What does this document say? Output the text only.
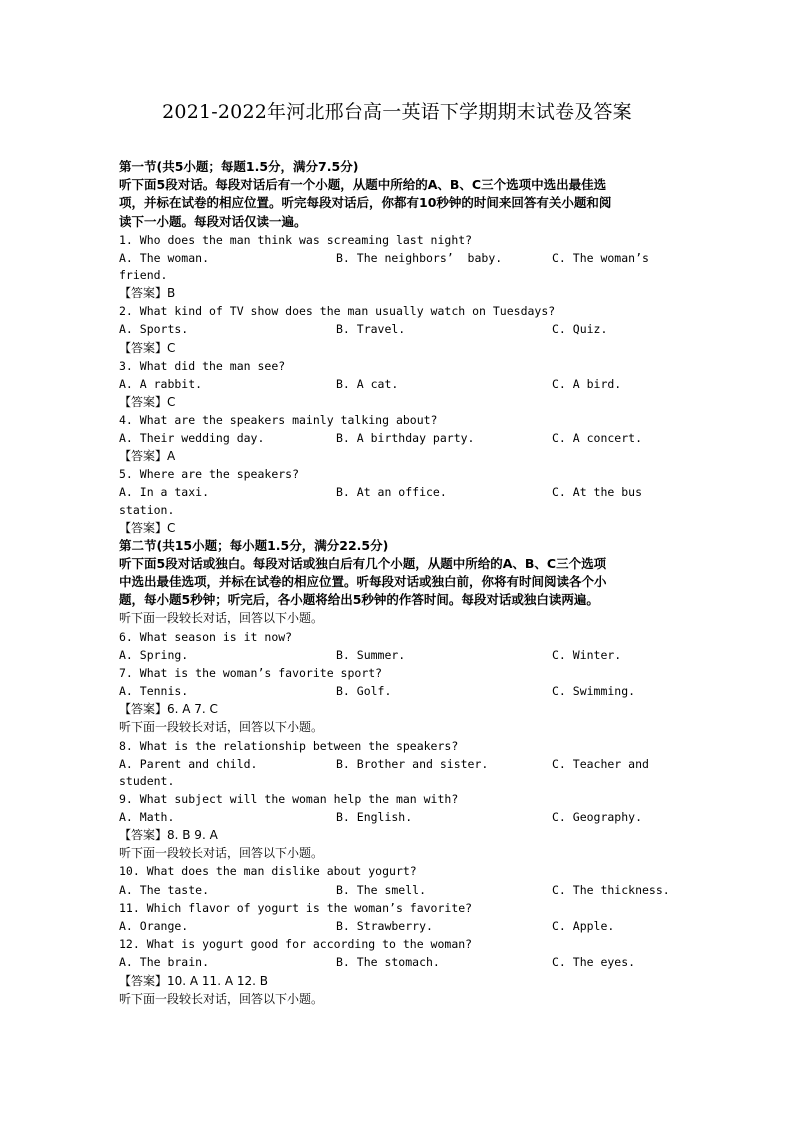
2021-2022年河北邢台高一英语下学期期末试卷及答案
第一节(共5小题；每题1.5分，满分7.5分)
听下面5段对话。每段对话后有一个小题，从题中所给的A、B、C三个选项中选出最佳选
项，并标在试卷的相应位置。听完每段对话后，你都有10秒钟的时间来回答有关小题和阅
读下一小题。每段对话仅读一遍。
1. Who does the man think was screaming last night?
A. The woman.	B. The neighbors’  baby.	C. The woman’s
friend.
【答案】B
2. What kind of TV show does the man usually watch on Tuesdays?
A. Sports.	B. Travel.	C. Quiz.
【答案】C
3. What did the man see?
A. A rabbit.	B. A cat.	C. A bird.
【答案】C
4. What are the speakers mainly talking about?
A. Their wedding day.	B. A birthday party.	C. A concert.
【答案】A
5. Where are the speakers?
A. In a taxi.	B. At an office.	C. At the bus
station.
【答案】C
第二节(共15小题；每小题1.5分，满分22.5分)
听下面5段对话或独白。每段对话或独白后有几个小题，从题中所给的A、B、C三个选项
中选出最佳选项，并标在试卷的相应位置。听每段对话或独白前，你将有时间阅读各个小
题，每小题5秒钟；听完后，各小题将给出5秒钟的作答时间。每段对话或独白读两遍。
听下面一段较长对话，回答以下小题。
6. What season is it now?
A. Spring.	B. Summer.	C. Winter.
7. What is the woman’s favorite sport?
A. Tennis.	B. Golf.	C. Swimming.
【答案】6. A 7. C
听下面一段较长对话，回答以下小题。
8. What is the relationship between the speakers?
A. Parent and child.	B. Brother and sister.	C. Teacher and
student.
9. What subject will the woman help the man with?
A. Math.	B. English.	C. Geography.
【答案】8. B 9. A
听下面一段较长对话，回答以下小题。
10. What does the man dislike about yogurt?
A. The taste.	B. The smell.	C. The thickness.
11. Which flavor of yogurt is the woman’s favorite?
A. Orange.	B. Strawberry.	C. Apple.
12. What is yogurt good for according to the woman?
A. The brain.	B. The stomach.	C. The eyes.
【答案】10. A 11. A 12. B
听下面一段较长对话，回答以下小题。
